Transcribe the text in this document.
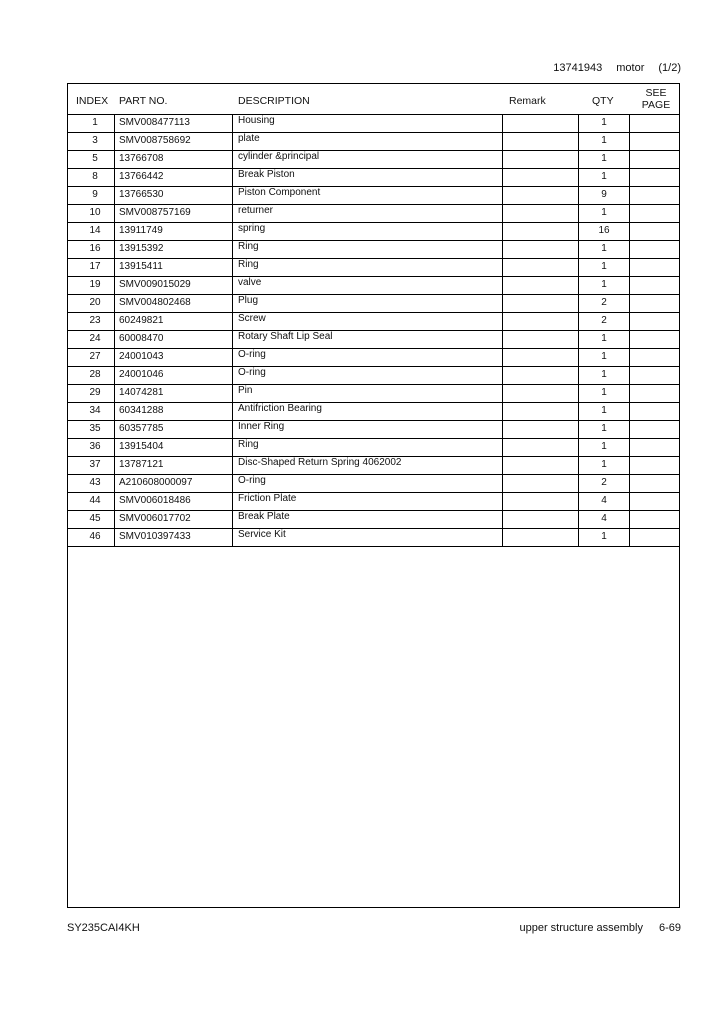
13741943 motor (1/2)
INDEX PART NO.	DESCRIPTION	Remark	QTY
SEE
PAGE
1	SMV008477113	Housing	1
3	SMV008758692	plate	1
5	13766708	cylinder &principal	1
8	13766442	Break Piston	1
9	13766530	Piston Component	9
10	SMV008757169	returner	1
14	13911749	spring	16
16	13915392	Ring	1
17	13915411	Ring	1
19	SMV009015029	valve	1
20	SMV004802468	Plug	2
23	60249821	Screw	2
24	60008470	Rotary Shaft Lip Seal	1
27	24001043	O-ring	1
28	24001046	O-ring	1
29	14074281	Pin	1
34	60341288	Antifriction Bearing	1
35	60357785	Inner Ring	1
36	13915404	Ring	1
37	13787121	Disc-Shaped Return Spring 4062002	1
43	A210608000097	O-ring	2
44	SMV006018486	Friction Plate	4
45	SMV006017702	Break Plate	4
46	SMV010397433	Service Kit	1
SY235CAI4KH	upper structure assembly 6-69
